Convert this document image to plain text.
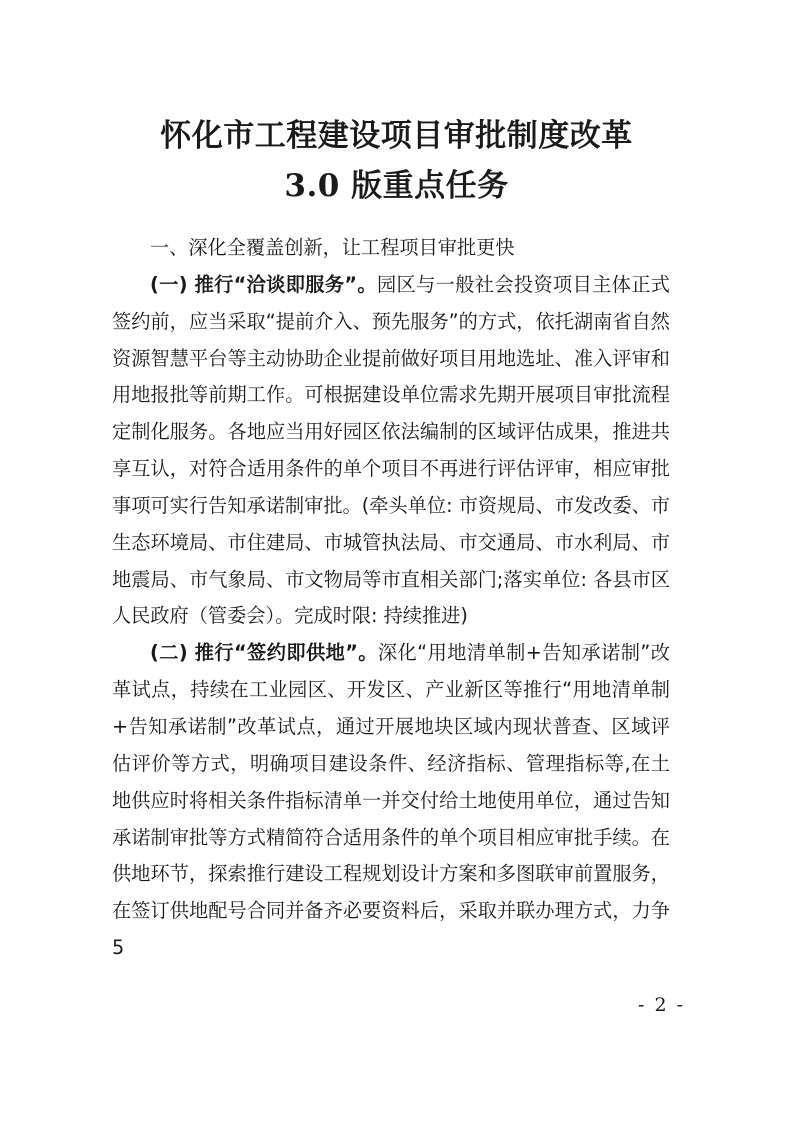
怀化市工程建设项目审批制度改革
3.0 版重点任务

一、深化全覆盖创新，让工程项目审批更快

(一) 推行“洽谈即服务”。园区与一般社会投资项目主体正式签约前，应当采取“提前介入、预先服务”的方式，依托湖南省自然资源智慧平台等主动协助企业提前做好项目用地选址、准入评审和用地报批等前期工作。可根据建设单位需求先期开展项目审批流程定制化服务。各地应当用好园区依法编制的区域评估成果，推进共享互认，对符合适用条件的单个项目不再进行评估评审，相应审批事项可实行告知承诺制审批。(牵头单位: 市资规局、市发改委、市生态环境局、市住建局、市城管执法局、市交通局、市水利局、市地震局、市气象局、市文物局等市直相关部门;落实单位: 各县市区人民政府（管委会）。完成时限: 持续推进)

(二) 推行“签约即供地”。深化“用地清单制+告知承诺制”改革试点，持续在工业园区、开发区、产业新区等推行“用地清单制+告知承诺制”改革试点，通过开展地块区域内现状普查、区域评估评价等方式，明确项目建设条件、经济指标、管理指标等,在土地供应时将相关条件指标清单一并交付给土地使用单位，通过告知承诺制审批等方式精简符合适用条件的单个项目相应审批手续。在供地环节，探索推行建设工程规划设计方案和多图联审前置服务，在签订供地配号合同并备齐必要资料后，采取并联办理方式，力争 5

- 2 -
